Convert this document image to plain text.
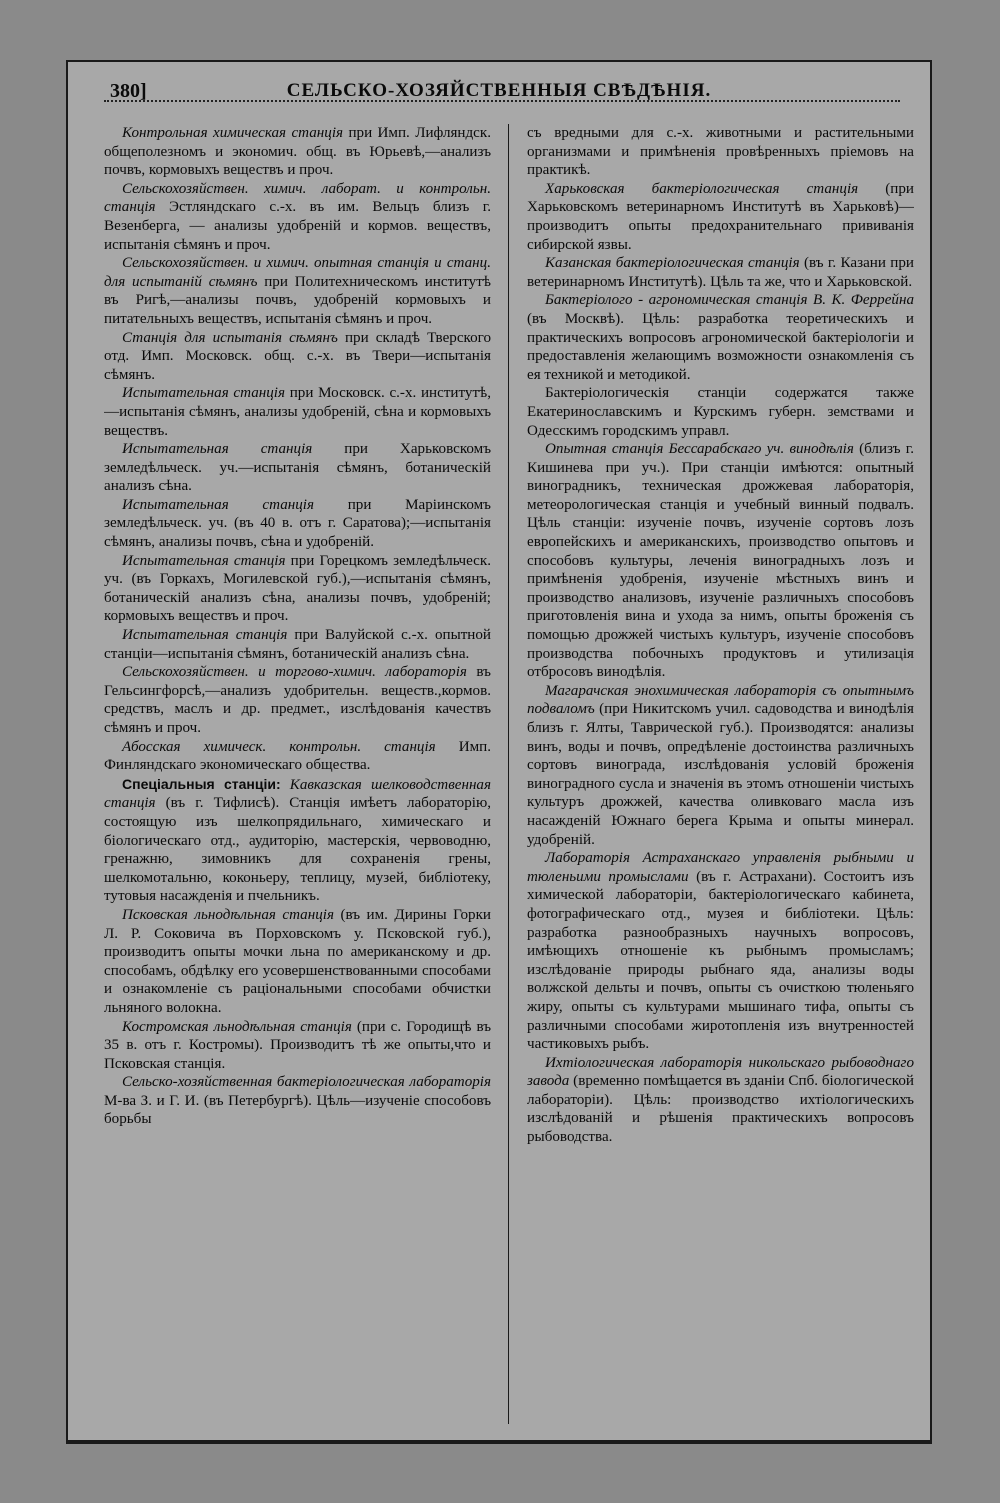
380]	СЕЛЬСКО-ХОЗЯЙСТВЕННЫЯ СВѢДѢНІЯ.

Контрольная химическая станція при Имп. Лифляндск. общеполезномъ и экономич. общ. въ Юрьевѣ,—анализъ почвъ, кормовыхъ веществъ и проч.

Сельскохозяйствен. химич. лаборат. и контрольн. станція Эстляндскаго с.-х. въ им. Вельцъ близъ г. Везенберга, — анализы удобреній и кормов. веществъ, испытанія сѣмянъ и проч.

Сельскохозяйствен. и химич. опытная станція и станц. для испытаній сѣмянъ при Политехническомъ институтѣ въ Ригѣ,—анализы почвъ, удобреній кормовыхъ и питательныхъ веществъ, испытанія сѣмянъ и проч.

Станція для испытанія сѣмянъ при складѣ Тверского отд. Имп. Московск. общ. с.-х. въ Твери—испытанія сѣмянъ.

Испытательная станція при Московск. с.-х. институтѣ,—испытанія сѣмянъ, анализы удобреній, сѣна и кормовыхъ веществъ.

Испытательная станція при Харьковскомъ земледѣльческ. уч.—испытанія сѣмянъ, ботаническій анализъ сѣна.

Испытательная станція при Маріинскомъ земледѣльческ. уч. (въ 40 в. отъ г. Саратова);—испытанія сѣмянъ, анализы почвъ, сѣна и удобреній.

Испытательная станція при Горецкомъ земледѣльческ. уч. (въ Горкахъ, Могилевской губ.),—испытанія сѣмянъ, ботаническій анализъ сѣна, анализы почвъ, удобреній; кормовыхъ веществъ и проч.

Испытательная станція при Валуйской с.-х. опытной станціи—испытанія сѣмянъ, ботаническій анализъ сѣна.

Сельскохозяйствен. и торгово-химич. лабораторія въ Гельсингфорсѣ,—анализъ удобрительн. веществ.,кормов. средствъ, маслъ и др. предмет., изслѣдованія качествъ сѣмянъ и проч.

Абосская химическ. контрольн. станція Имп. Финляндскаго экономическаго общества.

Спеціальныя станціи: Кавказская шелководственная станція (въ г. Тифлисѣ). Станція имѣетъ лабораторію, состоящую изъ шелкопрядильнаго, химическаго и біологическаго отд., аудиторію, мастерскія, червоводню, гренажню, зимовникъ для сохраненія грены, шелкомотальню, коконьеру, теплицу, музей, библіотеку, тутовыя насажденія и пчельникъ.

Псковская льнодѣльная станція (въ им. Дирины Горки Л. Р. Соковича въ Порховскомъ у. Псковской губ.), производитъ опыты мочки льна по американскому и др. способамъ, обдѣлку его усовершенствованными способами и ознакомленіе съ раціональными способами обчистки льняного волокна.

Костромская льнодѣльная станція (при с. Городищѣ въ 35 в. отъ г. Костромы). Производитъ тѣ же опыты,что и Псковская станція.

Сельско-хозяйственная бактеріологическая лабораторія М-ва З. и Г. И. (въ Петербургѣ). Цѣль—изученіе способовъ борьбы

съ вредными для с.-х. животными и растительными организмами и примѣненія провѣренныхъ пріемовъ на практикѣ.

Харьковская бактеріологическая станція (при Харьковскомъ ветеринарномъ Институтѣ въ Харьковѣ)—производитъ опыты предохранительнаго прививанія сибирской язвы.

Казанская бактеріологическая станція (въ г. Казани при ветеринарномъ Институтѣ). Цѣль та же, что и Харьковской.

Бактеріолого - агрономическая станція В. К. Феррейна (въ Москвѣ). Цѣль: разработка теоретическихъ и практическихъ вопросовъ агрономической бактеріологіи и предоставленія желающимъ возможности ознакомленія съ ея техникой и методикой.

Бактеріологическія станціи содержатся также Екатеринославскимъ и Курскимъ губерн. земствами и Одесскимъ городскимъ управл.

Опытная станція Бессарабскаго уч. винодѣлія (близъ г. Кишинева при уч.). При станціи имѣются: опытный виноградникъ, техническая дрожжевая лабораторія, метеорологическая станція и учебный винный подвалъ. Цѣль станціи: изученіе почвъ, изученіе сортовъ лозъ европейскихъ и американскихъ, производство опытовъ и способовъ культуры, леченія виноградныхъ лозъ и примѣненія удобренія, изученіе мѣстныхъ винъ и производство анализовъ, изученіе различныхъ способовъ приготовленія вина и ухода за нимъ, опыты броженія съ помощью дрожжей чистыхъ культуръ, изученіе способовъ производства побочныхъ продуктовъ и утилизація отбросовъ винодѣлія.

Магарачская энохимическая лабораторія съ опытнымъ подваломъ (при Никитскомъ учил. садоводства и винодѣлія близъ г. Ялты, Таврической губ.). Производятся: анализы винъ, воды и почвъ, опредѣленіе достоинства различныхъ сортовъ винограда, изслѣдованія условій броженія виноградного сусла и значенія въ этомъ отношеніи чистыхъ культуръ дрожжей, качества оливковаго масла изъ насажденій Южнаго берега Крыма и опыты минерал. удобреній.

Лабораторія Астраханскаго управленія рыбными и тюленьими промыслами (въ г. Астрахани). Состоитъ изъ химической лабораторіи, бактеріологическаго кабинета, фотографическаго отд., музея и библіотеки. Цѣль: разработка разнообразныхъ научныхъ вопросовъ, имѣющихъ отношеніе къ рыбнымъ промысламъ; изслѣдованіе природы рыбнаго яда, анализы воды волжской дельты и почвъ, опыты съ очисткою тюленьяго жиру, опыты съ культурами мышинаго тифа, опыты съ различными способами жиротопленія изъ внутренностей частиковыхъ рыбъ.

Ихтіологическая лабораторія никольскаго рыбоводнаго завода (временно помѣщается въ зданіи Спб. біологической лабораторіи). Цѣль: производство ихтіологическихъ изслѣдованій и рѣшенія практическихъ вопросовъ рыбоводства.
